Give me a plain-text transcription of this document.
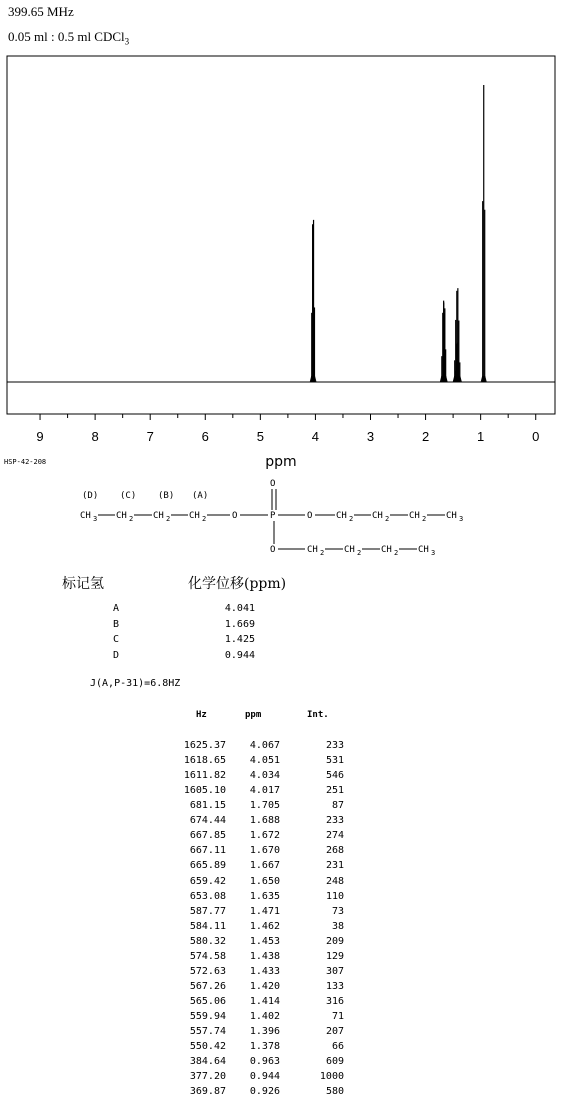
399.65 MHz
0.05 ml : 0.5 ml CDCl$_3$
9	8	7	6	5	4	3	2	1	0
ppm
HSP-42-208
(D) (C) (B) (A)
O
CH 3 CH 2 CH 2 CH 2	O	P	O	CH 2 CH 2 CH 2 CH 3
O	CH 2 CH 2 CH 2 CH 3
标记氢	化学位移(ppm)
A	4.041
B	1.669
C	1.425
D	0.944
J(A,P-31)=6.8HZ
Hz	ppm	Int.
1625.37	4.067	233
1618.65	4.051	531
1611.82	4.034	546
1605.10	4.017	251
681.15	1.705	87
674.44	1.688	233
667.85	1.672	274
667.11	1.670	268
665.89	1.667	231
659.42	1.650	248
653.08	1.635	110
587.77	1.471	73
584.11	1.462	38
580.32	1.453	209
574.58	1.438	129
572.63	1.433	307
567.26	1.420	133
565.06	1.414	316
559.94	1.402	71
557.74	1.396	207
550.42	1.378	66
384.64	0.963	609
377.20	0.944	1000
369.87	0.926	580
